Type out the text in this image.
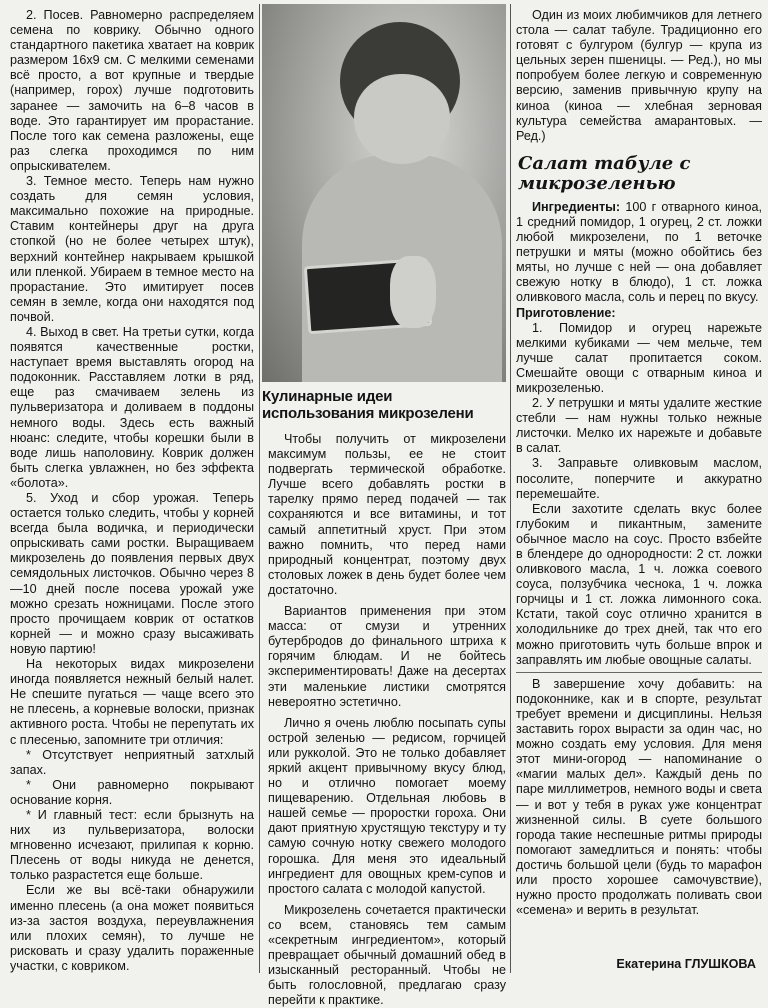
2. Посев. Равномерно распределяем семена по коврику. Обычно одного стандартного пакетика хватает на коврик размером 16х9 см. С мелкими семенами всё просто, а вот крупные и твердые (например, горох) лучше подготовить заранее — замочить на 6–8 часов в воде. Это гарантирует им прорастание. После того как семена разложены, еще раз слегка проходимся по ним опрыскивателем.

3. Темное место. Теперь нам нужно создать для семян условия, максимально похожие на природные. Ставим контейнеры друг на друга стопкой (но не более четырех штук), верхний контейнер накрываем крышкой или пленкой. Убираем в темное место на прорастание. Это имитирует посев семян в земле, когда они находятся под почвой.

4. Выход в свет. На третьи сутки, когда появятся качественные ростки, наступает время выставлять огород на подоконник. Расставляем лотки в ряд, еще раз смачиваем зелень из пульверизатора и доливаем в поддоны немного воды. Здесь есть важный нюанс: следите, чтобы корешки были в воде лишь наполовину. Коврик должен быть слегка увлажнен, но без эффекта «болота».

5. Уход и сбор урожая. Теперь остается только следить, чтобы у корней всегда была водичка, и периодически опрыскивать сами ростки. Выращиваем микрозелень до появления первых двух семядольных листочков. Обычно через 8—10 дней после посева урожай уже можно срезать ножницами. После этого просто прочищаем коврик от остатков корней — и можно сразу высаживать новую партию!

На некоторых видах микрозелени иногда появляется нежный белый налет. Не спешите пугаться — чаще всего это не плесень, а корневые волоски, признак активного роста. Чтобы не перепутать их с плесенью, запомните три отличия:

* Отсутствует неприятный затхлый запах.

* Они равномерно покрывают основание корня.

* И главный тест: если брызнуть на них из пульверизатора, волоски мгновенно исчезают, прилипая к корню. Плесень от воды никуда не денется, только разрастется еще больше.

Если же вы всё-таки обнаружили именно плесень (а она может появиться из-за застоя воздуха, переувлажнения или плохих семян), то лучше не рисковать и сразу удалить пораженные участки, с ковриком.

Кулинарные идеи использования микрозелени

Чтобы получить от микрозелени максимум пользы, ее не стоит подвергать термической обработке. Лучше всего добавлять ростки в тарелку прямо перед подачей — так сохраняются и все витамины, и тот самый аппетитный хруст. При этом важно помнить, что перед нами природный концентрат, поэтому двух столовых ложек в день будет более чем достаточно.

Вариантов применения при этом масса: от смузи и утренних бутербродов до финального штриха к горячим блюдам. И не бойтесь экспериментировать! Даже на десертах эти маленькие листики смотрятся невероятно эстетично.

Лично я очень люблю посыпать супы острой зеленью — редисом, горчицей или рукколой. Это не только добавляет яркий акцент привычному вкусу блюд, но и отлично помогает моему пищеварению. Отдельная любовь в нашей семье — проростки гороха. Они дают приятную хрустящую текстуру и ту самую сочную нотку свежего молодого горошка. Для меня это идеальный ингредиент для овощных крем-супов и простого салата с молодой капустой.

Микрозелень сочетается практически со всем, становясь тем самым «секретным ингредиентом», который превращает обычный домашний обед в изысканный ресторанный. Чтобы не быть голословной, предлагаю сразу перейти к практике.

Один из моих любимчиков для летнего стола — салат табуле. Традиционно его готовят с булгуром (булгур — крупа из цельных зерен пшеницы. — Ред.), но мы попробуем более легкую и современную версию, заменив привычную крупу на киноа (киноа — хлебная зерновая культура семейства амарантовых. — Ред.)

Салат табуле с микрозеленью

Ингредиенты: 100 г отварного киноа, 1 средний помидор, 1 огурец, 2 ст. ложки любой микрозелени, по 1 веточке петрушки и мяты (можно обойтись без мяты, но лучше с ней — она добавляет свежую нотку в блюдо), 1 ст. ложка оливкового масла, соль и перец по вкусу.

Приготовление:

1. Помидор и огурец нарежьте мелкими кубиками — чем мельче, тем лучше салат пропитается соком. Смешайте овощи с отварным киноа и микрозеленью.

2. У петрушки и мяты удалите жесткие стебли — нам нужны только нежные листочки. Мелко их нарежьте и добавьте в салат.

3. Заправьте оливковым маслом, посолите, поперчите и аккуратно перемешайте.

Если захотите сделать вкус более глубоким и пикантным, замените обычное масло на соус. Просто взбейте в блендере до однородности: 2 ст. ложки оливкового масла, 1 ч. ложка соевого соуса, ползубчика чеснока, 1 ч. ложка горчицы и 1 ст. ложка лимонного сока. Кстати, такой соус отлично хранится в холодильнике до трех дней, так что его можно приготовить чуть больше впрок и заправлять им любые овощные салаты.

В завершение хочу добавить: на подоконнике, как и в спорте, результат требует времени и дисциплины. Нельзя заставить горох вырасти за один час, но можно создать ему условия. Для меня этот мини-огород — напоминание о «магии малых дел». Каждый день по паре миллиметров, немного воды и света — и вот у тебя в руках уже концентрат жизненной силы. В суете большого города такие неспешные ритмы природы помогают замедлиться и понять: чтобы достичь большой цели (будь то марафон или просто хорошее самочувствие), нужно просто продолжать поливать свои «семена» и верить в результат.

Екатерина ГЛУШКОВА
